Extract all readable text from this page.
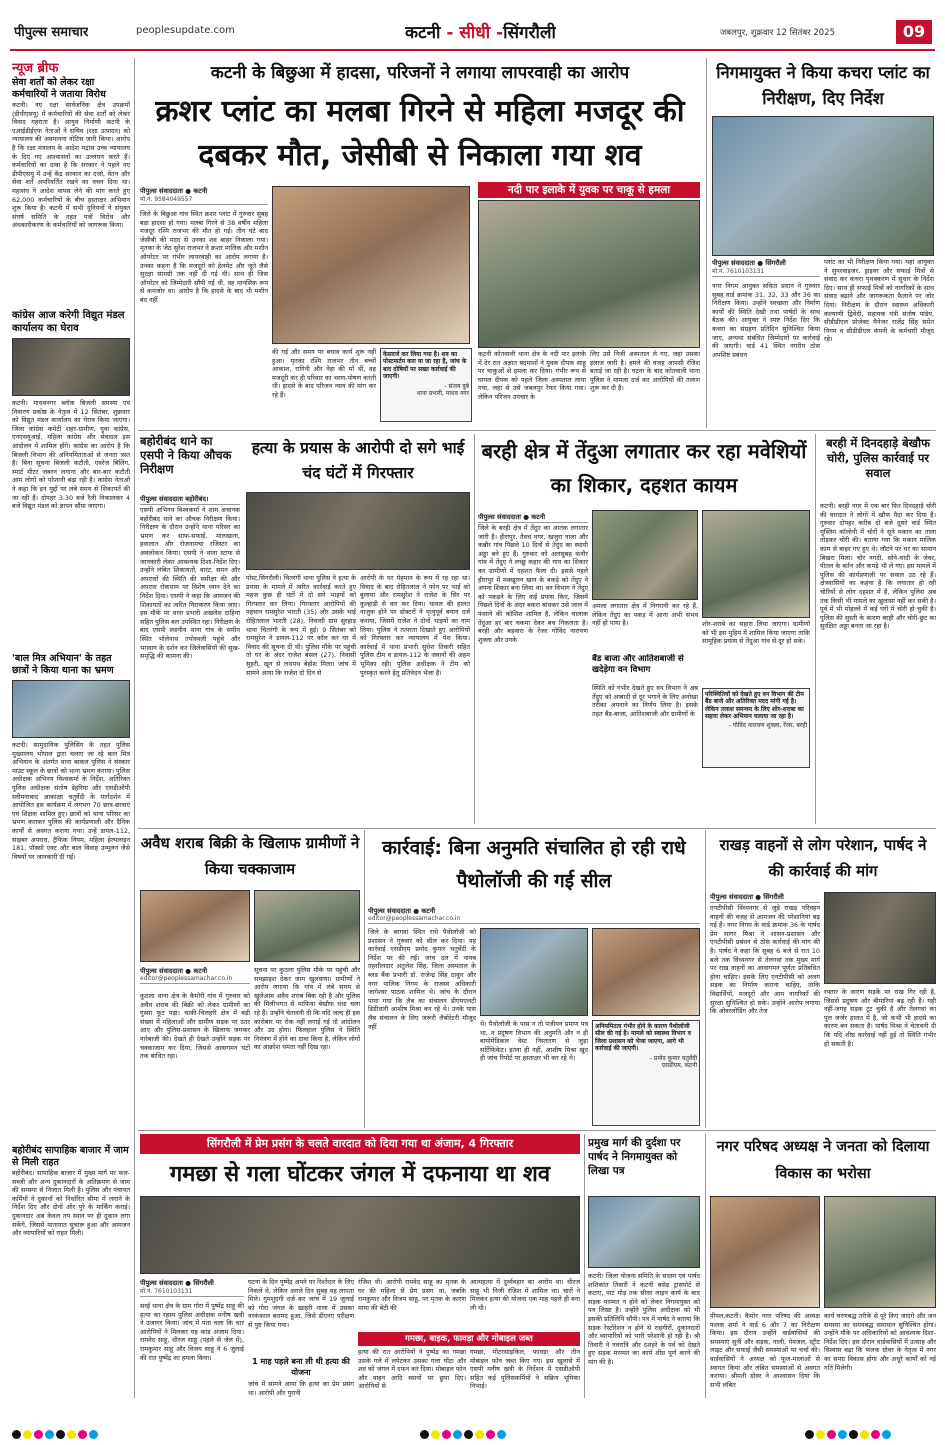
पीपुल्स समाचार	peoplesupdate.com	कटनी - सीधी -सिंगरौली	जबलपुर, शुक्रवार 12 सितंबर 2025	09
न्यूज ब्रीफ
सेवा शर्तों को लेकर रक्षा कर्मचारियों ने जताया विरोध
कटनी। नए रक्षा सार्वजनिक क्षेत्र उपक्रमों (डीपीएसयू) में कर्मचारियों की सेवा शर्तों को लेकर विवाद गहराता है। आयुध निर्माणी कटनी के एआईडीईएफ नेताओं ने सचिव (रक्षा उत्पादन) को न्यायालय की अवमानना नोटिस जारी किया। आरोप है कि रक्षा मंत्रालय के आदेश मद्रास उच्च न्यायालय के दिए गए आश्वासनों का उल्लंघन करते हैं। कर्मचारियों का दावा है कि सरकार ने पहले नए डीपीएसयू में उन्हें केंद्र सरकार का दर्जा, वेतन और सेवा शर्तें अपरिवर्तित रखने का वचन दिया था। महासंघ ने आदेश वापस लेने की मांग करते हुए 62,000 कर्मचारियों के बीच हस्ताक्षर अभियान शुरू किया है। कटनी में सभी यूनियनों ने संयुक्त संघर्ष समिति के तहत पत्रों विरोध और अंधकारीकरण के कर्मचारियों को जागरूक किया।
कांग्रेस आज करेगी विद्युत मंडल कार्यालय का घेराव
कटनी। माधवनगर ब्लॉक बिजली समस्या एवं निवारण प्रकोष्ठ के नेतृत्व में 12 सितंबर, शुक्रवार को विद्युत मंडल कार्यालय का घेराव किया जाएगा। जिला कांग्रेस कमेटी शहर-ग्रामीण, युवा कांग्रेस, एनएसयूआई, महिला कांग्रेस और सेवादल इस आंदोलन में शामिल होंगे। कांग्रेस का आरोप है कि बिजली विभाग की अनियमितताओं से जनता त्रस्त है। बिना सूचना बिजली कटौती, एवरेज बिलिंग, स्मार्ट मीटर जबरन लगाना और बार-बार कटौती आम लोगों को परेशानी बढ़ा रही है। कांग्रेस नेताओं ने कहा कि इन मुद्दों पर लंबे समय से शिकायतें की जा रही हैं। दोपहर 3.30 बजे रैली निकालकर 4 बजे विद्युत मंडल को ज्ञापन सौंपा जाएगा।
'बाल मित्र अभियान' के तहत छात्रों ने किया थाना का भ्रमण
कटनी। सामुदायिक पुलिसिंग के तहत पुलिस मुख्यालय भोपाल द्वारा चलाए जा रहे बाल मित्र अभियान के अंतर्गत थाना बाकल पुलिस ने संस्कार माउंट स्कूल के छात्रों को थाना भ्रमण कराया। पुलिस अधीक्षक अभिनय विश्वकर्मा के निर्देश, अतिरिक्त पुलिस अधीक्षक संतोष डेहरिया और एसडीओपी स्लीमनाबाद आकांक्षा चतुर्वेदी के मार्गदर्शन में आयोजित इस कार्यक्रम में लगभग 70 छात्र-छात्राएं एवं शिक्षक शामिल हुए। छात्रों को थाना परिसर का भ्रमण कराकर पुलिस की कार्यप्रणाली और दैनिक कार्यों से अवगत कराया गया। उन्हें डायल-112, साइबर अपराध, ट्रैफिक नियम, महिला हेल्पलाइन 181, पॉक्सो एक्ट और बाल विवाह उन्मूलन जैसे विषयों पर जानकारी दी गई।
बहोरीबंद सापाहिक बाजार में जाम से मिली राहत
बहोरीबंद। सापाहिक बाजार में मुख्य मार्ग पर फल-सब्जी और अन्य दुकानदारों के अतिक्रमण से जाम की समस्या से निजात मिली है। पुलिस और पंचायत कर्मियों ने दुकानों को निर्धारित सीमा में लगाने के निर्देश दिए और दोनों ओर पुरे के मार्किंग कराई। दुकानदार अब केवल तय स्थान पर ही दुकान लगा सकेंगे, जिससे यातायात सुचारू हुआ और आमजन और व्यापारियों को राहत मिली।
कटनी के बिछुआ में हादसा, परिजनों ने लगाया लापरवाही का आरोप
क्रशर प्लांट का मलबा गिरने से महिला मजदूर की दबकर मौत, जेसीबी से निकाला गया शव
पीपुल्स संवाददाता ● कटनी
मो.नं. 9584049557
जिले के बिछुआ गांव स्थित क्रशर प्लांट में गुरुवार सुबह बड़ा हादसा हो गया। मलबा गिरने से 38 वर्षीय महिला मजदूर रश्मि राजभर की मौत हो गई। तीन घंटे बाद जेसीबी की मदद से उनका शव बाहर निकाला गया। मृतका के जेठ सुरेश राजभर ने क्रशर मालिक और मशीन ऑपरेटर पर गंभीर लापरवाही का आरोप लगाया है। उनका कहना है कि मजदूरों को हेलमेट और जूते जैसे सुरक्षा सामग्री तक नहीं दी गई थी। साथ ही जिस ऑपरेटर को जिम्मेदारी सौंपी गई थी, वह मानसिक रूप से कमजोर था। आरोप है कि हादसे के बाद भी मशीन बंद नहीं
की गई और समय पर बचाव कार्य शुरू नहीं हुआ। मृतका रश्मि राजभर तीन बच्चों आकाश, रागिनी और नेहा की माँ थीं, वह मजदूरी कर ही परिवार का भरण-पोषण करती थीं। हादसे के बाद परिजन न्याय की मांग कर रहे हैं।
केसदर्ज कर लिया गया है। शव का पोस्टमार्टम करा या जा रहा है, जांच के बाद दोषियों पर सख्त कार्रवाई की जाएगी।
- संजय दुबे
थाना प्रभारी, माधव नगर
नदी पार इलाके में युवक पर चाकू से हमला
कटनी कोतवाली थाना क्षेत्र के नदी पार इलाके में देर रात अज्ञात बदमाशों ने युवक दीपक साहू पर चाकुओं से हमला कर दिया। गंभीर रूप से घायल दीपक को पहले जिला अस्पताल लाया गया, जहां से उसे जबलपुर रेफर किया गया। लेकिन परिजन उपचार के
लिए उसे निजी अस्पताल ले गए, जहां उसका इलाज जारी है। हमले की वजह आपसी रंजिश बताई जा रही है। घटना के बाद कोतवाली थाना पुलिस ने मामला दर्ज कर आरोपियों की तलाश शुरू कर दी है।
निगमायुक्त ने किया कचरा प्लांट का निरीक्षण, दिए निर्देश
पीपुल्स संवाददाता ● सिंगरौली
मो.नं. 7610103131
नगर निगम आयुक्त सविता प्रधान ने गुरुवार सुबह वार्ड क्रमांक 31, 32, 33 और 36 का निरीक्षण किया। उन्होंने स्वच्छता और निर्माण कार्यों की स्थिति देखी तथा पार्षदों के साथ बैठक की। आयुक्त ने स्पष्ट निर्देश दिए कि कचरा का संग्रहण प्रतिदिन सुनिश्चित किया जाए, अन्यथा संबंधित जिम्मेदारों पर कार्रवाई की जाएगी। वार्ड 41 स्थित नगरीय ठोस अपशिष्ट प्रबंधन
प्लांट का भी निरीक्षण किया गया। यहां आयुक्त ने सुपरवाइजर, ड्राइवर और सफाई मित्रों से संवाद कर कचरा पृथक्करण में सुधार के निर्देश दिए। साथ ही सफाई मित्रों को नागरिकों के साथ संवाद बढ़ाने और जागरूकता फैलाने पर जोर दिया। निरीक्षण के दौरान स्वास्थ्य अधिकारी कल्याणी द्विवेदी, सहायक यंत्री संतोष पांडेय, सीडीडीएल प्रोजेक्ट मैनेजर राजेंद्र सिंह समेत निगम व सीडीडीएल कंपनी के कर्मचारी मौजूद रहे।
बहोरीबंद थाने का एसपी ने किया औचक निरीक्षण
पीपुल्स संवाददाता बहोरीबंद।
एसपी अभिनय विश्वकर्मा ने शाम अचानक बहोरीबंद थाने का औचक निरीक्षण किया। निरीक्षण के दौरान उन्होंने थाना परिसर का भ्रमण कर साफ-सफाई, मालखाना, हवालात और रोजनामचा रजिस्टर का अवलोकन किया। एसपी ने थाना स्टाफ से जानकारी लेकर आवश्यक दिशा-निर्देश दिए। उन्होंने लंबित शिकायतों, वारंट, समन और अपराधों की स्थिति की समीक्षा की और अपराध रोकथाम पर विशेष ध्यान देने का निर्देश दिया। एसपी ने कहा कि आमजन की शिकायतों का त्वरित निराकरण किया जाए। इस मौके पर थाना प्रभारी अखलेश दाहिया सहित पुलिस बल उपस्थित रहा। निरीक्षण के बाद एसपी स्थानीय थाना गांव के समीप स्थित भोलेनाथ तपोस्थली पहुंचे और भगवान के दर्शन कर जिलेवासियों की सुख-समृद्धि की कामना की।
हत्या के प्रयास के आरोपी दो सगे भाई चंद घंटों में गिरफ्तार
पोस्ट,सिंगरौली। चितरंगी थाना पुलिस ने हत्या के प्रयास के मामले में त्वरित कार्रवाई करते हुए महज कुछ ही घंटों में दो सगे भाइयों को गिरफ्तार कर लिया। गिरफ्तार आरोपियों की पहचान रामसुरेश भारती (35) और उसके भाई रोहितलाल भारती (28), निवासी ग्राम सुरहाड़ थाना चितरंगी के रूप में हुई। 9 सितंबर को रामसुरेश ने डायल-112 पर कॉल कर घर में विवाद की सूचना दी थी। पुलिस मौके पर पहुंची तो घर के अंदर राजेश बंसल (27), निवासी सुहरी, खून से लथपथ बेहोश मिला। जांच में सामने आया कि राजेश दो दिन से
आरोपी के घर मेहमान के रूप में रह रहा था। विवाद के बाद रोहितलाल ने फोन पर भाई को बुलाया और रामसुरेश ने राजेश के सिर पर कुल्हाड़ी से वार कर दिया। घायल की हालत नाजुक होने पर डॉक्टरों ने मृत्युपूर्व बयान दर्ज कराया, जिसमें राजेश ने दोनों भाइयों का नाम लिया। पुलिस ने तत्परता दिखाते हुए आरोपियों को गिरफ्तार कर न्यायालय में पेश किया। कार्रवाई में थाना प्रभारी सुधेश तिवारी सहित पुलिस टीम व डायल-112 के जवानों की अहम भूमिका रही। पुलिस अधीक्षक ने टीम को पुरस्कृत करने हेतु प्रतिवेदन भेजा है।
बरही क्षेत्र में तेंदुआ लगातार कर रहा मवेशियों का शिकार, दहशत कायम
पीपुल्स संवाददाता ● कटनी
जिले के बरही क्षेत्र में तेंदुए का आतंक लगातार जारी है। हीरापुर, तैवच नगर, खजुरा नाला और कन्नौर गांव पिछले 10 दिनों से तेंदुए का स्थायी अड्डा बने हुए हैं। गुरुवार को अलसुबह कनौर गांव में तेंदुए ने लच्छू कहार की गाय का शिकार कर ग्रामीणों में दहशत फैला दी। इससे पहले हीरापुर में मक्खूलन खान के बकड़े को तेंदुए ने अपना शिकार बना लिया था। वन विभाग ने तेंदुए को पकड़ने के लिए कई प्रयास किए, जिसमें पिछले दिनों के अंदर बकरा बांधकर उसे जाल में फंसाने की कोशिश शामिल है, लेकिन चालाक तेंदुआ हर बार चकमा देकर बच निकलता है। बरही और बड़वारा के रेंजर गोविंद नारायण शुक्ला और उनके
अमला लगातार क्षेत्र में निगरानी कर रहे हैं, लेकिन तेंदुए का पकड़ में आना अभी संभव नहीं हो पाया है।
बैंड बाजा और आतिशबाजी से खदेड़ेगा वन विभाग
स्थिति को गंभीर देखते हुए वन विभाग ने अब तेंदुए को आबादी से दूर भगाने के लिए अनोखा तरीका अपनाने का निर्णय लिया है। इसके तहत बैंड-बाजा, आतिशबाजी और ग्रामीणों के
शोर-शराबे का सहारा लिया जाएगा। ग्रामीणों को भी इस मुहिम में शामिल किया जाएगा ताकि सामूहिक प्रयास से तेंदुआ गांव से दूर हो सके।
परिस्थितियों को देखते हुए वन विभाग की टीम बैंड बाजे और अतिरिक्त मदद मांगी गई है। लेकिन तलाश समन्वय के लिए शोर-शराबा का सहारा लेकर अभियान चलाया जा रहा है।
- गोविंद नारायण शुक्ला, रेंजर, बरही
बरही में दिनदहाड़े बेखौफ चोरी, पुलिस कार्रवाई पर सवाल
कटनी। बरही नगर में एक बार फिर दिनदहाड़े चोरी की वारदात ने लोगों में खौफ पैदा कर दिया है। गुरुवार दोपहर करीब दो बजे दूसरे वार्ड स्थित मुस्लिम कॉलोनी में चोरों ने सूने मकान का ताला तोड़कर चोरी की। बताया गया कि मकान मालिक काम से बाहर गए हुए थे। लौटने पर घर का सामान बिखरा मिला। चोर नगदी, सोने-चांदी के जेवर, पीतल के बर्तन और कपड़े भी ले गए। इस मामले में पुलिस की कार्यप्रणाली पर सवाल उठ रहे हैं। क्षेत्रवासियों का कहना है कि लगातार हो रही चोरियों से लोग दहशत में हैं, लेकिन पुलिस अब तक किसी भी मामले का खुलासा नहीं कर सकी है। पूर्व में भी मोहल्ले में कई घरों में चोरी हो चुकी है। पुलिस की सुस्ती के कारण बरही और चोरी-छुट का सुरक्षित अड्डा बनता जा रहा है।
अवैध शराब बिक्री के खिलाफ ग्रामीणों ने किया चक्काजाम
पीपुल्स संवाददाता ● कटनी
editor@peoplessamachar.co.in
कुठला थाना क्षेत्र के कैमोरी गांव में गुरुवार को अवैध शराब की बिक्री को लेकर ग्रामीणों का गुस्सा फूट पड़ा। चाकी-चिलहरी क्षेत्र में बड़ी संख्या में महिलाओं और ग्रामीण सड़क पर उतर आए और पुलिस-प्रशासन के खिलाफ जमकर नारेबाजी की। देखते ही देखते उन्होंने सड़क पर चक्काजाम कर दिया, जिससे आवागमन घंटों तक बाधित रहा।
सूचना पर कुठला पुलिस मौके पर पहुंची और समझाइश देकर जाम खुलवाया। ग्रामीणों ने आरोप लगाया कि गांव में लंबे समय से खुलेआम अवैध शराब बिक रही है और पुलिस की मिलीभगत से माफिया बेखौफ धंधा चला रहे हैं। उन्होंने चेतावनी दी कि यदि जल्द ही इस कारोबार पर रोक नहीं लगाई गई तो आंदोलन और उग्र होगा। फिलहाल पुलिस ने स्थिति नियंत्रण में होने का दावा किया है, लेकिन लोगों का आक्रोश थमता नहीं दिख रहा।
कार्रवाई: बिना अनुमति संचालित हो रही राधे पैथोलॉजी की गई सील
पीपुल्स संवाददाता ● कटनी
editor@peoplessamachar.co.in
जिले के बरगवां स्थित राधे पैथोलॉजी को प्रशासन ने गुरुवार को सील कर दिया। यह कार्रवाई एसडीएम प्रमोद कुमार चतुर्वेदी के निर्देश पर की गई। जांच दल में नायब तहसीलदार अतुलेश सिंह, जिला अस्पताल के ब्लड बैंक प्रभारी डॉ. राजेन्द्र सिंह ठाकुर और नगर पालिक निगम के राजस्व अधिकारी जागेश्वर पाठक शामिल थे। जांच के दौरान पाया गया कि लैब का संचालन डीएमएलटी डिग्रीधारी आशीष मिश्रा कर रहे थे। उनके पास लैब संचालन के लिए जरूरी लैबोरेटरी मौजूद नहीं	थे। पैथोलॉजी के पास न तो पंजीयन प्रमाण पत्र था, न प्रदूषण विभाग की अनुमति और न ही बायोमेडिकल वेस्ट निस्तारण से जुड़ा सर्टिफिकेट। इतना ही नहीं, आशीष मिश्रा खुद ही जांच रिपोर्ट पर हस्ताक्षर भी कर रहे थे।
अनियमितता गंभीर होने के कारण पैथोलॉजी सील की गई है। मामले को स्वास्थ्य विभाग व जिला प्रशासन को भेजा जाएगा, आगे भी कार्रवाई की जाएगी।
- प्रमोद कुमार चतुर्वेदी
एसडीएम, कटनी
राखड़ वाहनों से लोग परेशान, पार्षद ने की कार्रवाई की मांग
पीपुल्स संवाददाता ● सिंगरौली
एनटीपीसी विंध्यनगर से जुड़े राखड़ परिवहन वाहनों की वजह से आमजन की परेशानियां बढ़ गई हैं। नगर निगम के वार्ड क्रमांक 36 के पार्षद प्रेम सागर मिश्रा ने शासन-प्रशासन और एनटीपीसी प्रबंधन से ठोस कार्रवाई की मांग की है। पार्षद ने कहा कि सुबह 6 बजे से रात 10 बजे तक विंध्यनगर से तेलगवां तक मुख्य मार्ग पर राख वाहनों का आवागमन पूर्णतः प्रतिबंधित होना चाहिए। इसके लिए एनटीपीसी को अलग सड़क का निर्माण कराना चाहिए, ताकि विद्यार्थियों, मजदूरों और आम नागरिकों की सुरक्षा सुनिश्चित हो सके। उन्होंने आरोप लगाया कि ओवरलोडिंग और तेज
रफ्तार के कारण सड़कें पर राख गिर रही है, जिससे प्रदूषण और बीमारियां बढ़ रही हैं। यही नहीं-जगह सड़क टूट चुकी है और तेलगवां का पुल जर्जर हालत में है, जो कभी भी हादसे का कारण बन सकता है। पार्षद मिश्रा ने चेतावनी दी कि यदि शीघ्र कार्रवाई नहीं हुई तो स्थिति गंभीर हो सकती है।
सिंगरौली में प्रेम प्रसंग के चलते वारदात को दिया गया था अंजाम, 4 गिरफ्तार
गमछा से गला घोंटकर जंगल में दफनाया था शव
पीपुल्स संवाददाता ● सिंगरौली
मो.नं. 7610103131
सरई थाना क्षेत्र के ग्राम गोरा में पुष्पेंद्र साहू की हत्या का रहस्य पुलिस अधीक्षक मनीष खत्री ने उजागर किया। जांच में पता चला कि चार आरोपियों ने मिलकर यह कांड अंजाम दिया। रामवेद साहू, धीरज साहू (पहले से जेल में), रामकुमार साहू और विजय साहू ने 6 जुलाई की रात पुष्पेंद्र का हमला किया।
घटना के दिन पुष्पेंद्र अपने घर रिश्तेदार के लिए निकले थे, लेकिन अगले दिन सुबह वह लापता मिले। गुमशुदगी दर्ज कर जांच में 19 जुलाई को गोरा जंगल के खाहरी नाला में उसका नरकंकाल बरामद हुआ, जिसे डीएनए परीक्षण से पुष्ट किया गया।
1 माह पहले बना ली थी हत्या की योजना
जांच में सामने आया कि हत्या का प्रेम प्रसंग था। आरोपी और पुरानी
रंजिश थी। आरोपी रामवेद साहू का मृतक के घर की महिला से प्रेम प्रसंग था, जबकि रामकुमार और विजय साहू, पर मृतक के कारण मामा की बेटी की
आत्महत्या में दुर्व्यवहार का आरोप था। धीरज साहू भी निजी रंजिश में शामिल था। चारों ने मिलकर हत्या की योजना एक माह पहले ही बना ली थी।
गमछा, बाइक, फावड़ा और मोबाइल जब्त
हत्या की रात आरोपियों ने पुष्पेंद्र का गमछा उसके गले में लपेटकर उसका गला घोंटा और शव को जंगल में दफन कर दिया। मोबाइल फोन और वाहन आदि स्थानों पर छुपा दिए। आरोपियों से
गमछा, मोटरसाइकिल, फावड़ा और तीन मोबाइल फोन जब्त किए गए। इस खुलासे में एसपी मनीष खत्री के निर्देशन में एसडीओपी सहित कई पुलिसकर्मियों ने सक्रिय भूमिका निभाई।
प्रमुख मार्ग की दुर्दशा पर पार्षद ने निगमायुक्त को लिखा पत्र
कटनी। जिला योजना समिति के सदस्य एवं पार्षद शशिकांत तिवारी ने कटनी बसेड़ ट्रांसपोर्ट से कटाए, पाट मोड़ तक सीवर लाइन कार्य के बाद सड़क मरम्मत न होने को लेकर निगमायुक्त को पत्र लिखा है। उन्होंने पुलिस अधीक्षक को भी इसकी प्रतिलिपि सौंपी। पत्र में पार्षद ने बताया कि सड़क रेस्टोरेशन न होने से राहगीरों, दुकानदारों और व्यापारियों को भारी परेशानी हो रही है। श्री तिवारी ने नवरात्रि और दशहरे के पर्व को देखते हुए सड़क मरम्मत का कार्य शीघ्र पूर्ण करने की मांग की है।
नगर परिषद अध्यक्ष ने जनता को दिलाया विकास का भरोसा
पीपल,कटनी। कैमोर नगर परिषद की अध्यक्ष फलक शर्मा ने वार्ड 6 और 7 का निरीक्षण किया। इस दौरान उन्होंने वार्डवासियों की समस्याएं सुनीं और सड़क, नाली, पेयजल, स्ट्रीट लाइट और सफाई जैसी समस्याओं पर चर्चा की। वार्डवासियों ने अध्यक्ष को फूल-मालाओं से स्वागत किया और लंबित समस्याओं से अवगत कराया। श्रीमती ग्रोवर ने आश्वासन दिया कि सभी लंबित
कार्य चरणबद्ध तरीके से पूरे किए जाएंगे और जन समस्या का समयबद्ध समाधान सुनिश्चित होगा। उन्होंने मौके पर अधिकारियों को आवश्यक दिशा-निर्देश दिए। इस दौरान वार्डवासियों में उत्साह और विश्वास बढ़ा कि फलक ग्रोवर के नेतृत्व में नगर का समग्र विकास होगा और अधूरे कार्यों को नई गति मिलेगी।
